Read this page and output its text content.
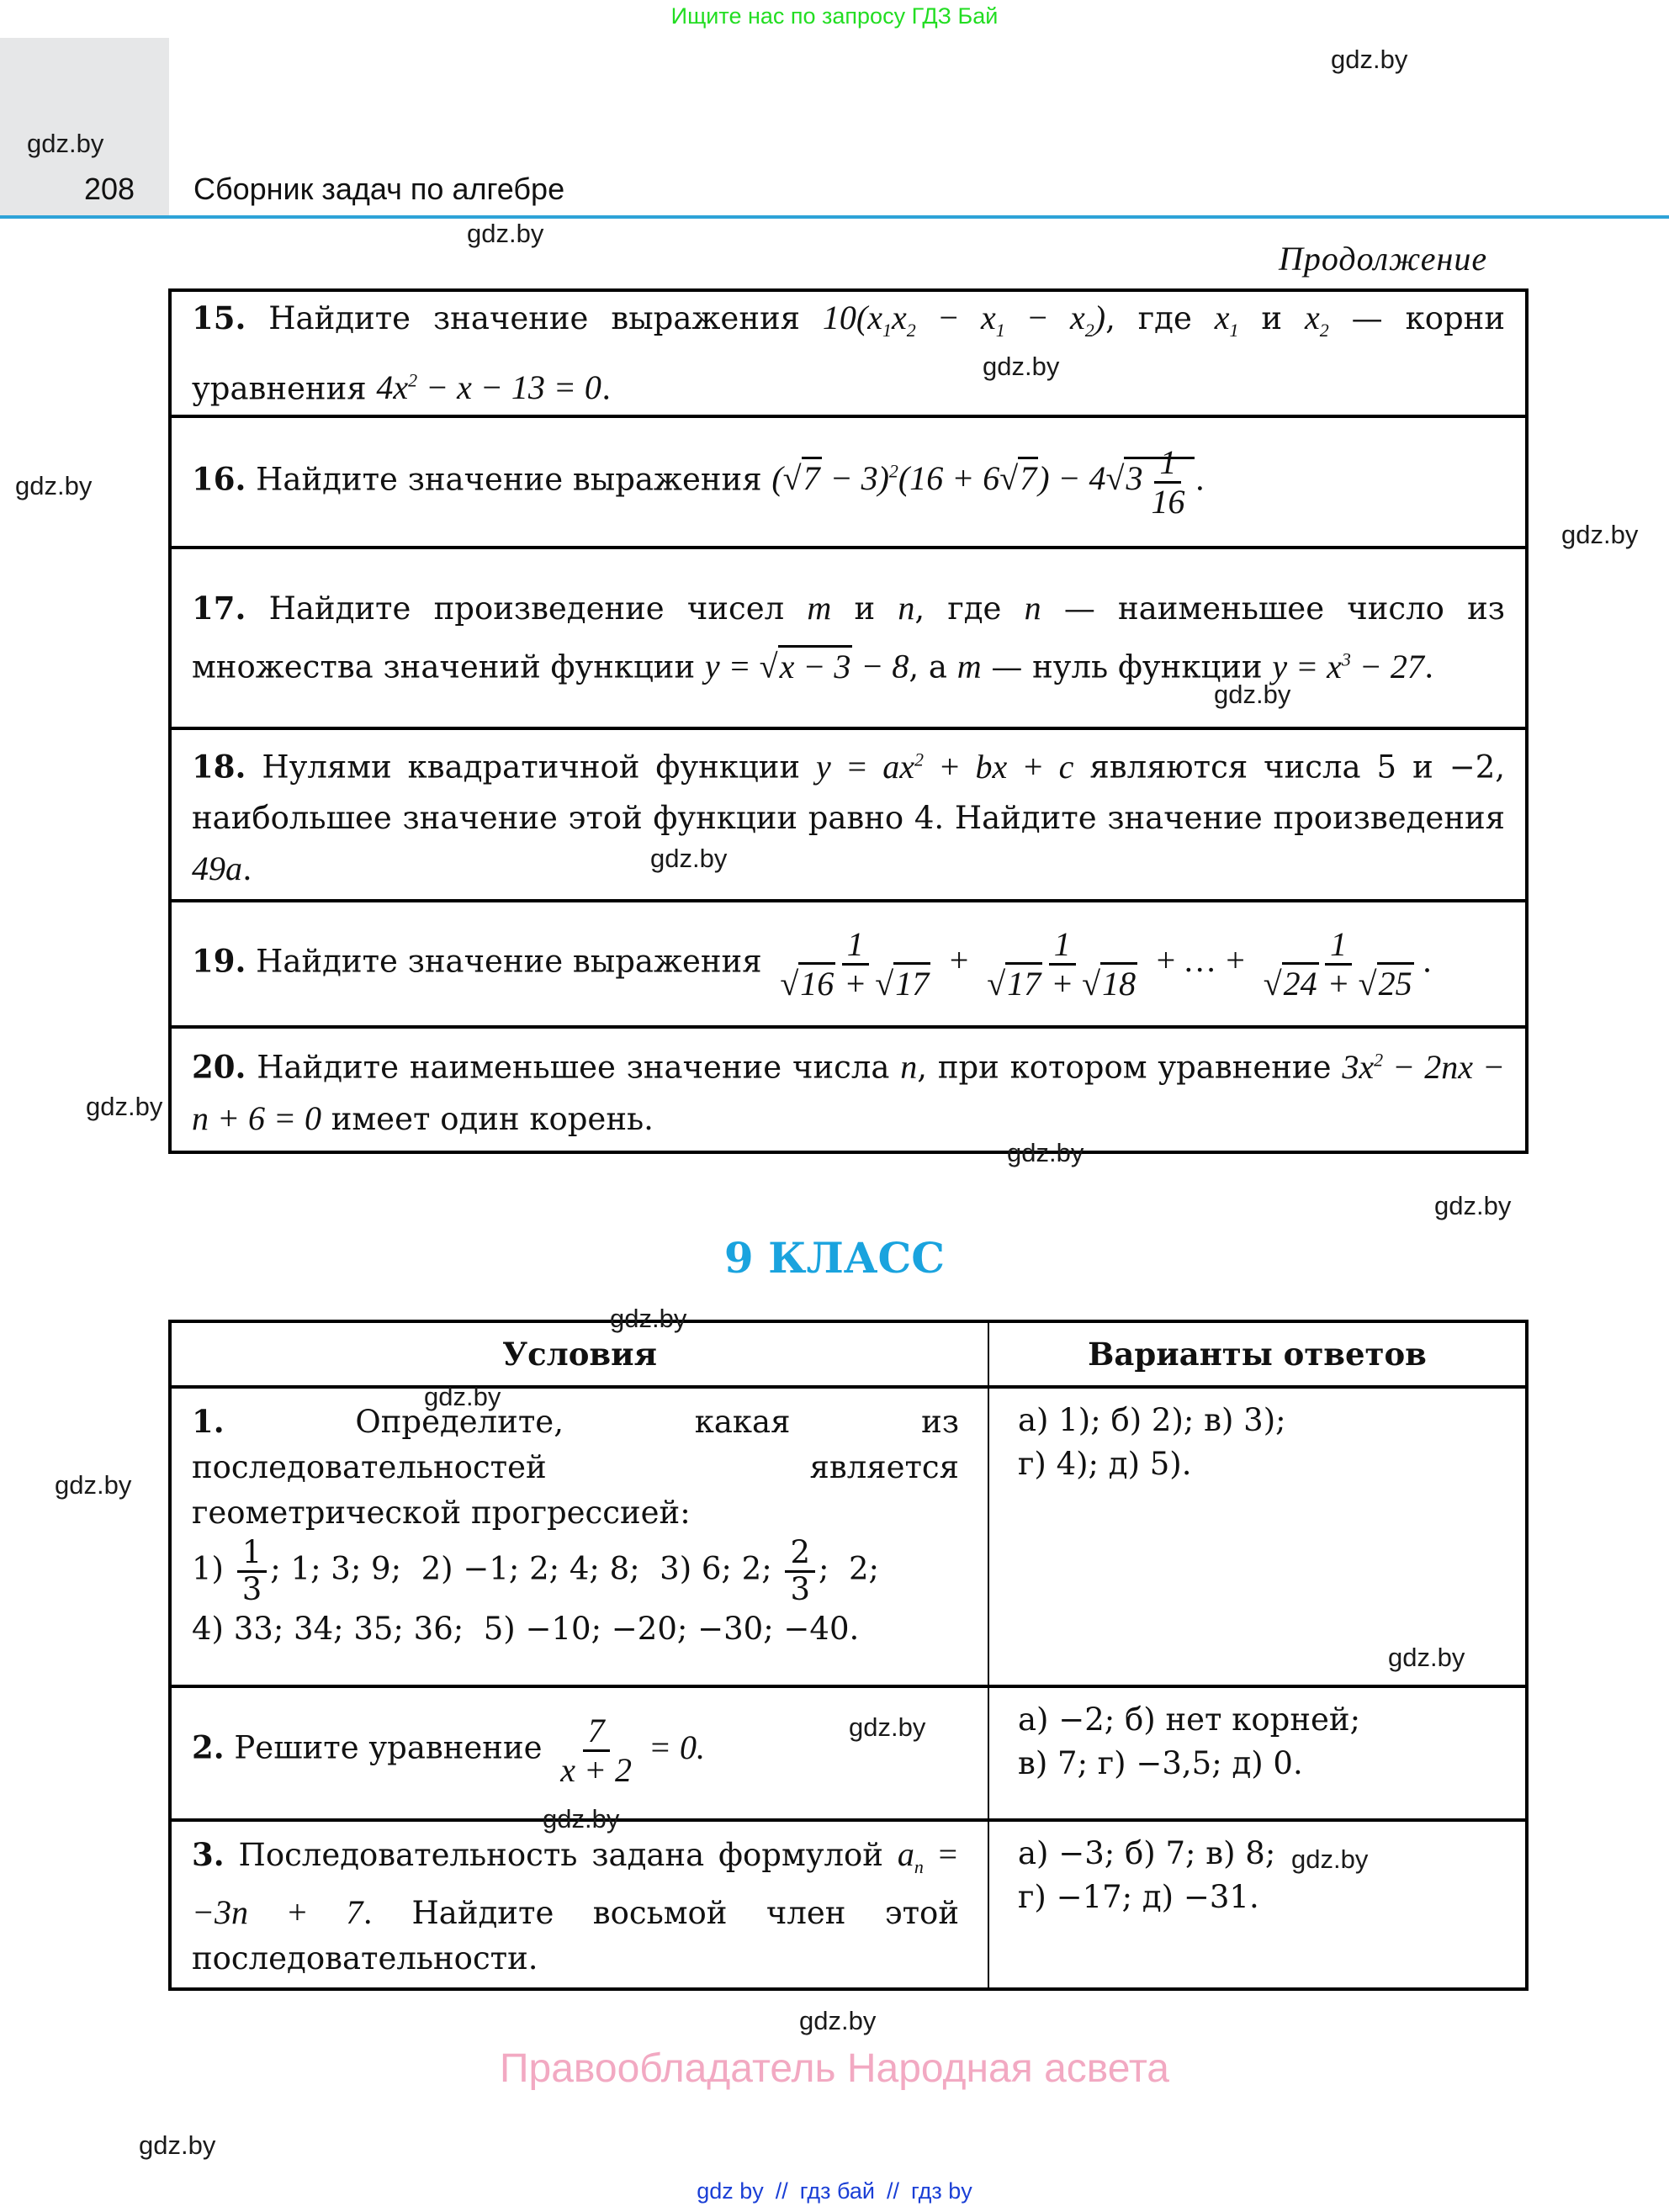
Ищите нас по запросу ГДЗ Бай
208 Сборник задач по алгебре
Продолжение
15. Найдите значение выражения $10(x_1x_2 - x_1 - x_2)$, где $x_1$ и $x_2$ — корни уравнения $4x^2 - x - 13 = 0$.
16. Найдите значение выражения $(√7 - 3)^2(16 + 6√7) - 4√3 \frac{1}{16}$ .
17. Найдите произведение чисел m и n, где n — наименьшее число из множества значений функции y = √x − 3 − 8, а m — нуль функции $y = x^3 - 27$.
18. Нулями квадратичной функции $y = ax^2$ + bx + c являются числа 5 и −2, наибольшее значение этой функции равно 4. Найдите значение произведения 49a.
19. Найдите значение выражения $\frac{1}{√16 + √17} + \frac{1}{√17 + √18}$ + … + $\frac{1}{√24 + √25}$ .
20. Найдите наименьшее значение числа n, при котором уравнение $3x^2 - 2nx - n + 6 = 0$ имеет один корень.
9 КЛАСС
Условия	Варианты ответов
1.	Определите, какая из последовательностей является геометрической прогрессией:
$1) \frac{1}{3}$ ; 1; 3; 9;  2) −1; 2; 4; 8;  3) 6; 2; $\frac{2}{3}$ ;  2;
4) 33; 34; 35; 36; 5) −10; −20; −30; −40.
а) 1); б) 2); в) 3);
г) 4); д) 5).
2. Решите уравнение $\frac{7}{x + 2} = 0$.
а) −2; б) нет корней;
в) 7; г) −3,5; д) 0.
3. Последовательность задана формулой $a_n = -3n + 7$. Найдите восьмой член этой последовательности.
а) −3; б) 7; в) 8;
г) −17; д) −31.
Правообладатель Народная асвета
gdz by // гдз бай // гдз by
gdz.by
gdz.by
gdz.by
gdz.by
gdz.by
gdz.by
gdz.by
gdz.by
gdz.by
gdz.by
gdz.by
gdz.by
gdz.by
gdz.by
gdz.by
gdz.by
gdz.by
gdz.by
gdz.by
gdz.by
